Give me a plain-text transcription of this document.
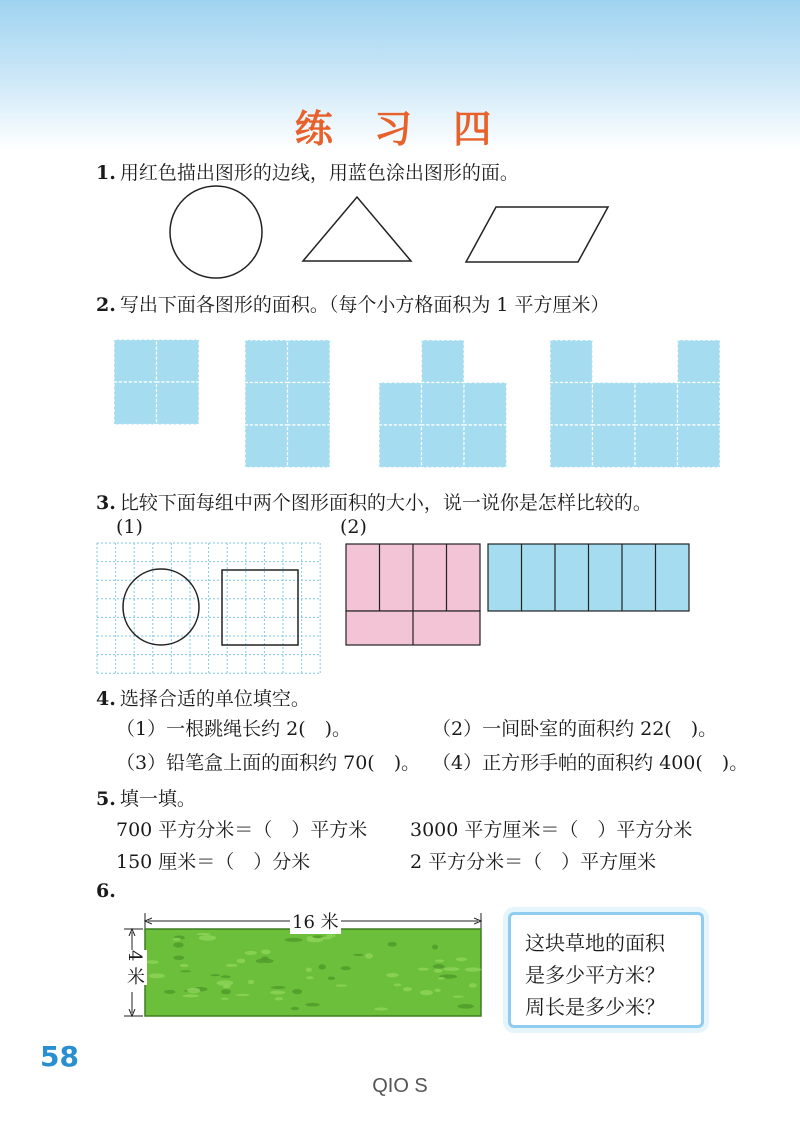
练 习 四
1. 用红色描出图形的边线，用蓝色涂出图形的面。
2. 写出下面各图形的面积。（每个小方格面积为 1 平方厘米）
3. 比较下面每组中两个图形面积的大小，说一说你是怎样比较的。
(1)	(2)
4. 选择合适的单位填空。
（1）一根跳绳长约 2(　)。	（2）一间卧室的面积约 22(　)。
（3）铅笔盒上面的面积约 70(　)。 （4）正方形手帕的面积约 400(　)。
5. 填一填。
700 平方分米＝（　）平方米 3000 平方厘米＝（　）平方分米
150 厘米＝（　）分米	2 平方分米＝（　）平方厘米
6.
16 米
4 米
这块草地的面积
是多少平方米？
周长是多少米？
58
QIO S
